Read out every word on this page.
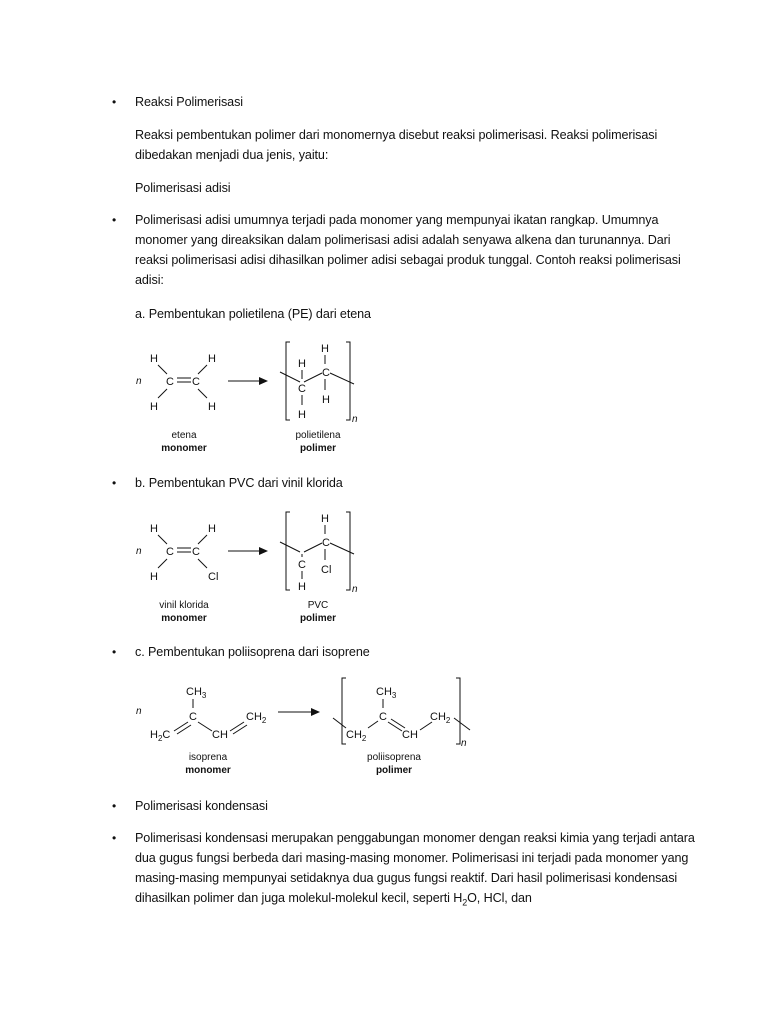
• Reaksi Polimerisasi
Reaksi pembentukan polimer dari monomernya disebut reaksi polimerisasi. Reaksi polimerisasi dibedakan menjadi dua jenis, yaitu:
Polimerisasi adisi
• Polimerisasi adisi umumnya terjadi pada monomer yang mempunyai ikatan rangkap. Umumnya monomer yang direaksikan dalam polimerisasi adisi adalah senyawa alkena dan turunannya. Dari reaksi polimerisasi adisi dihasilkan polimer adisi sebagai produk tunggal. Contoh reaksi polimerisasi adisi:
a. Pembentukan polietilena (PE) dari etena
n
H	H
C C
H	H
n
H
C
H
H
C
H
etena
monomer
polietilena
polimer
• b. Pembentukan PVC dari vinil klorida
n
H	H
C C
H	Cl
n
H
C
Cl
C
H
vinil klorida
monomer
PVC
polimer
• c. Pembentukan poliisoprena dari isoprene
n
$CH_3$
C
$H_2C$	CH
$CH_2$
n
$CH_2$
$CH_3$
C
CH
$CH_2$
isoprena
monomer
poliisoprena
polimer
• Polimerisasi kondensasi
• Polimerisasi kondensasi merupakan penggabungan monomer dengan reaksi kimia yang terjadi antara dua gugus fungsi berbeda dari masing-masing monomer. Polimerisasi ini terjadi pada monomer yang masing-masing mempunyai setidaknya dua gugus fungsi reaktif. Dari hasil polimerisasi kondensasi dihasilkan polimer dan juga molekul-molekul kecil, seperti $H_2O$, HCl, dan
